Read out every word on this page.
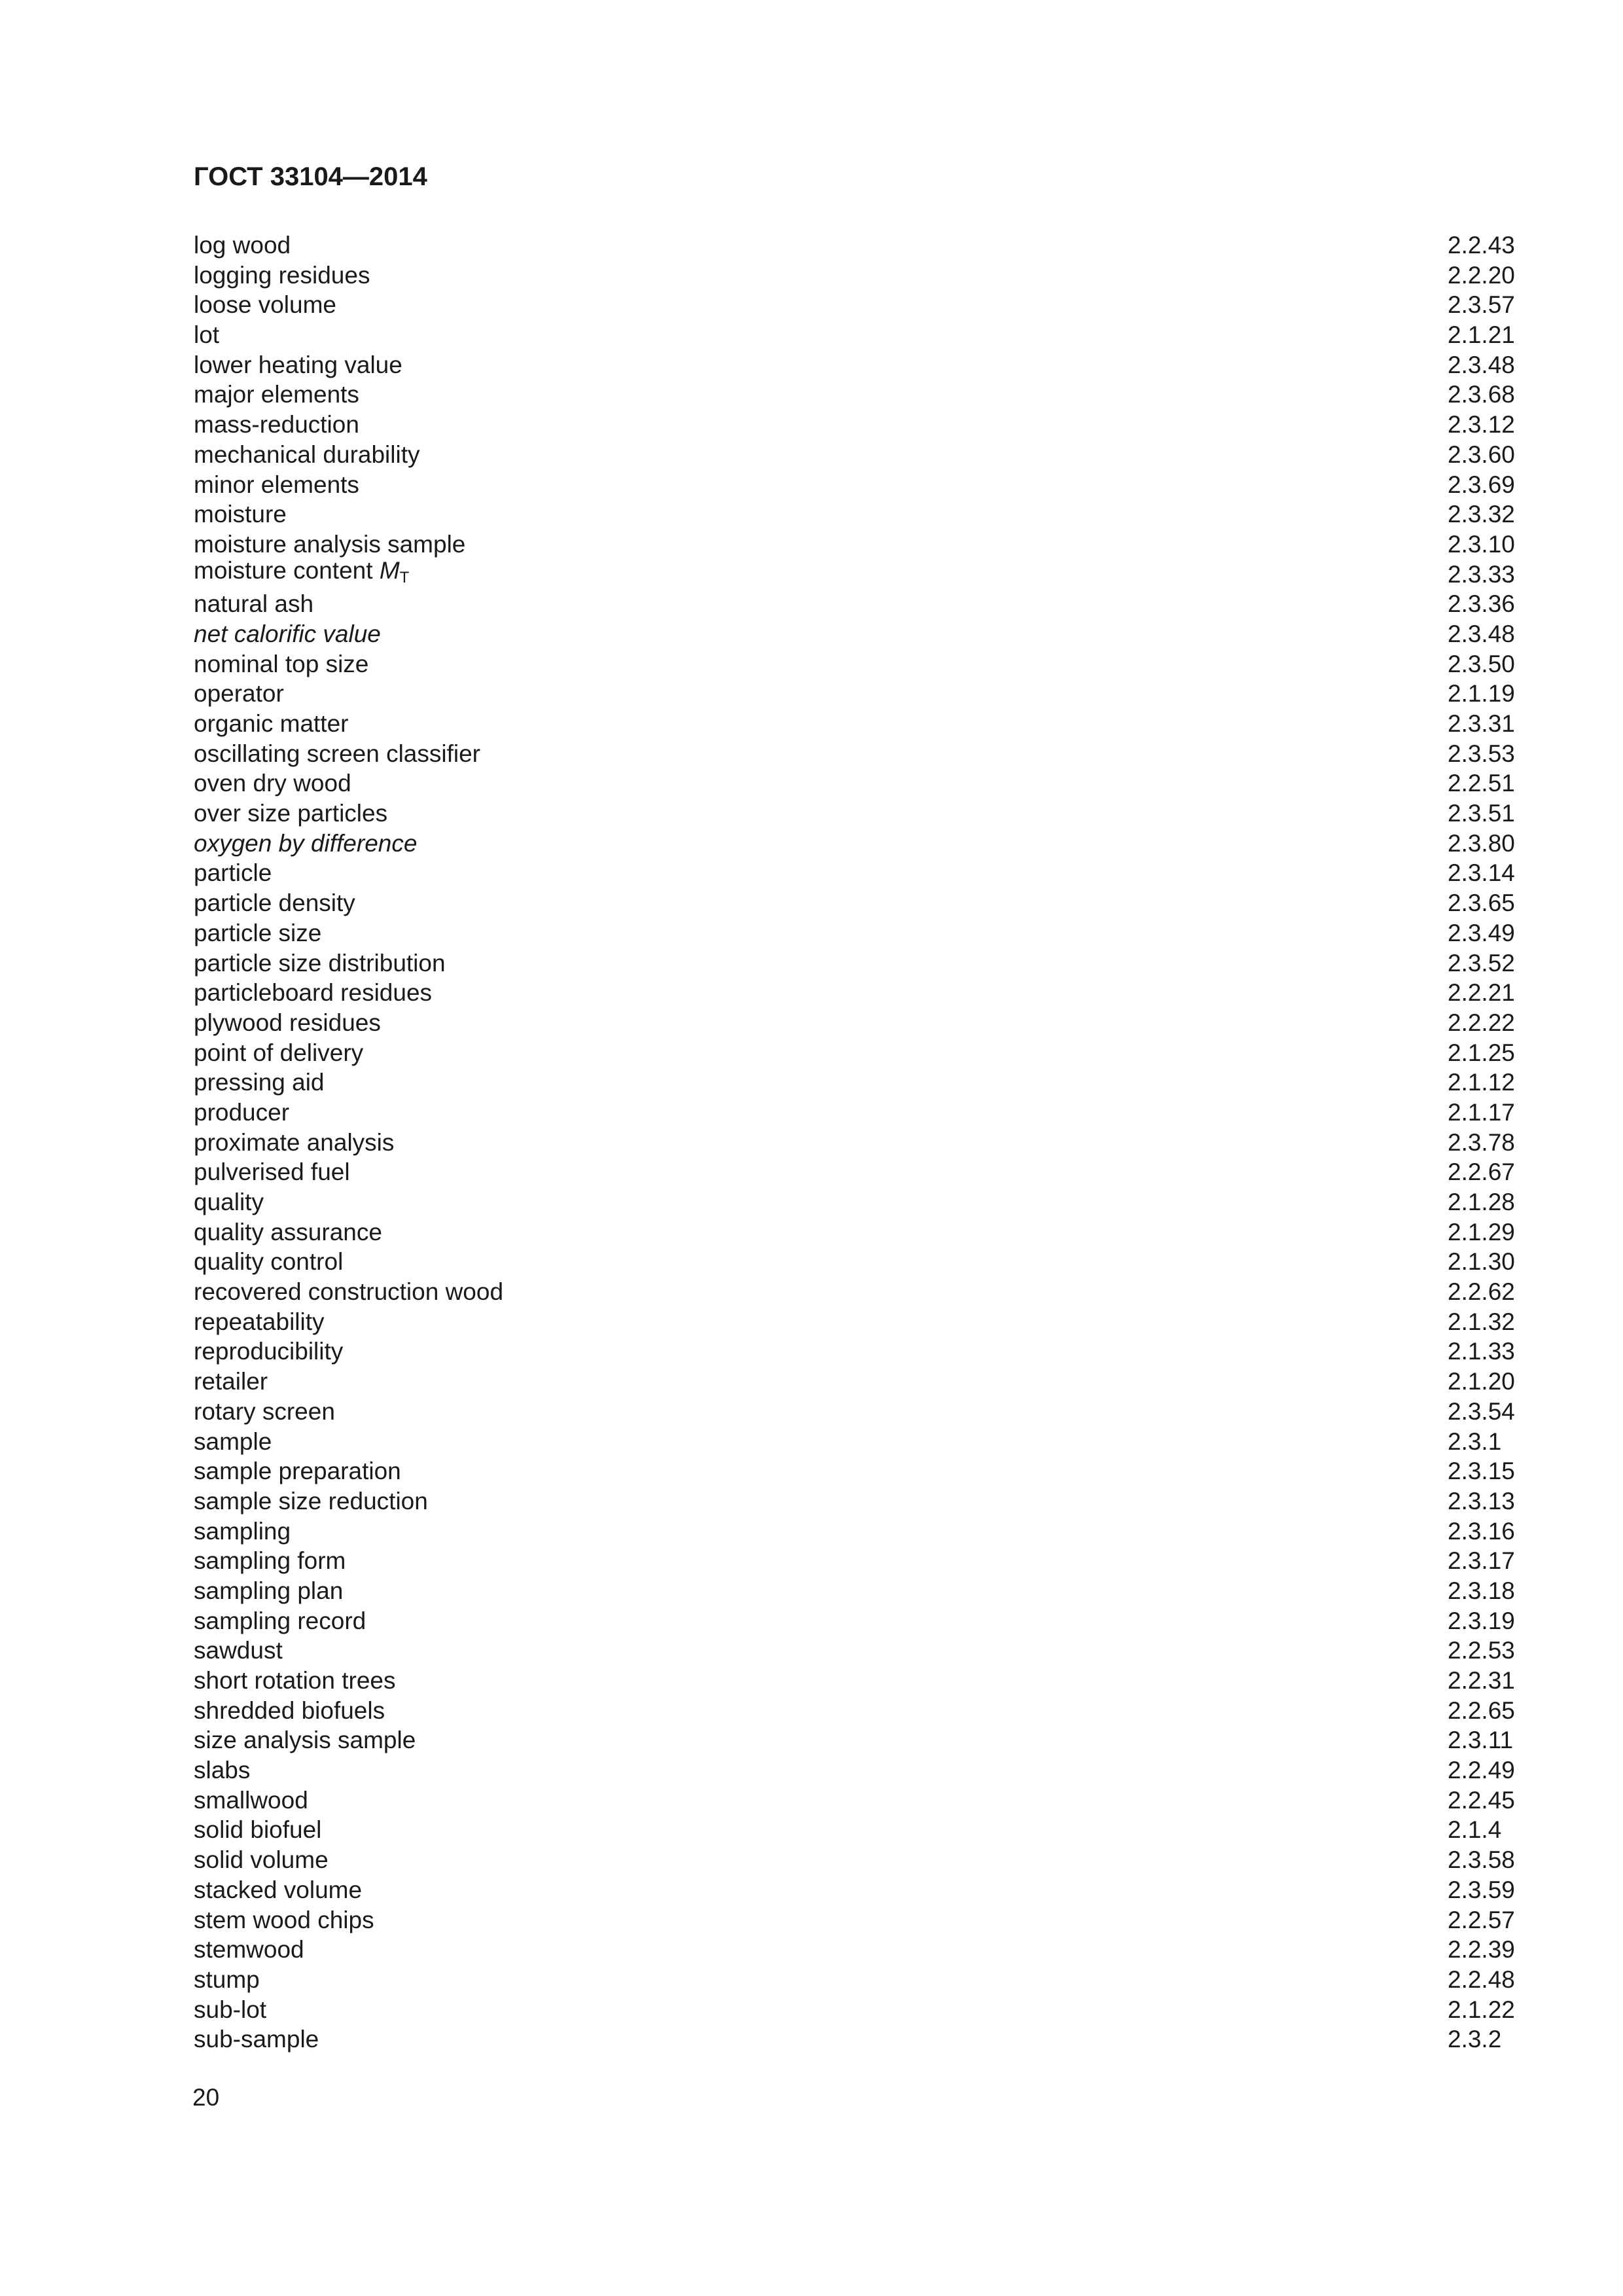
ГОСТ 33104—2014
log wood	2.2.43
logging residues	2.2.20
loose volume	2.3.57
lot	2.1.21
lower heating value	2.3.48
major elements	2.3.68
mass-reduction	2.3.12
mechanical durability	2.3.60
minor elements	2.3.69
moisture	2.3.32
moisture analysis sample	2.3.10
moisture content $M_T$	2.3.33
natural ash	2.3.36
net calorific value	2.3.48
nominal top size	2.3.50
operator	2.1.19
organic matter	2.3.31
oscillating screen classifier	2.3.53
oven dry wood	2.2.51
over size particles	2.3.51
oxygen by difference	2.3.80
particle	2.3.14
particle density	2.3.65
particle size	2.3.49
particle size distribution	2.3.52
particleboard residues	2.2.21
plywood residues	2.2.22
point of delivery	2.1.25
pressing aid	2.1.12
producer	2.1.17
proximate analysis	2.3.78
pulverised fuel	2.2.67
quality	2.1.28
quality assurance	2.1.29
quality control	2.1.30
recovered construction wood	2.2.62
repeatability	2.1.32
reproducibility	2.1.33
retailer	2.1.20
rotary screen	2.3.54
sample	2.3.1
sample preparation	2.3.15
sample size reduction	2.3.13
sampling	2.3.16
sampling form	2.3.17
sampling plan	2.3.18
sampling record	2.3.19
sawdust	2.2.53
short rotation trees	2.2.31
shredded biofuels	2.2.65
size analysis sample	2.3.11
slabs	2.2.49
smallwood	2.2.45
solid biofuel	2.1.4
solid volume	2.3.58
stacked volume	2.3.59
stem wood chips	2.2.57
stemwood	2.2.39
stump	2.2.48
sub-lot	2.1.22
sub-sample	2.3.2
20
